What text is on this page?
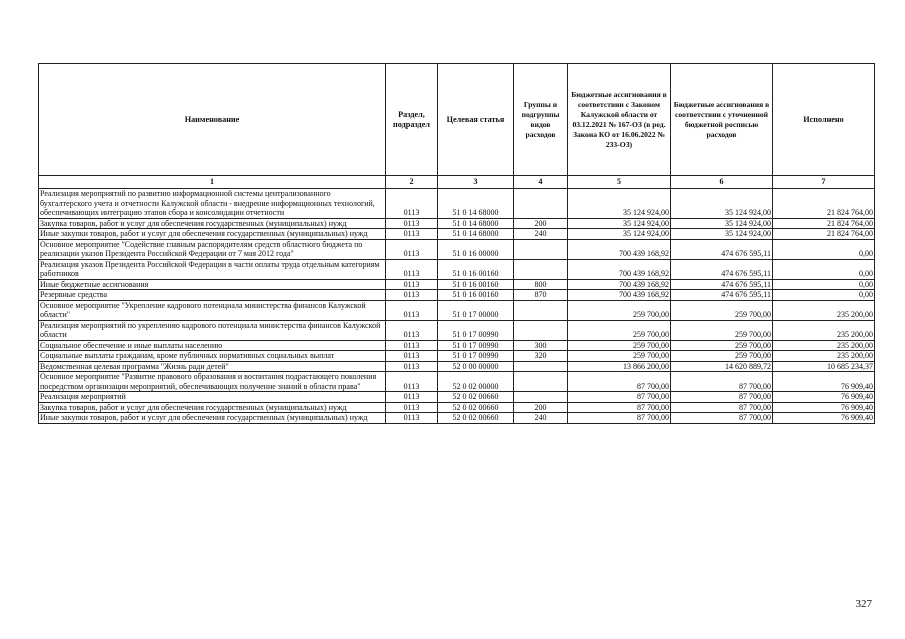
Наименование	Раздел, подраздел	Целевая статья	Группы и подгруппы видов расходов	Бюджетные ассигнования в соответствии с Законом Калужской области от 03.12.2021 № 167-ОЗ (в ред. Закона КО от 16.06.2022 № 233-ОЗ)	Бюджетные ассигнования в соответствии с уточненной бюджетной росписью расходов	Исполнено
1	2	3	4	5	6	7
Реализация мероприятий по развитию информационной системы централизованного бухгалтерского учета и отчетности Калужской области - внедрение информационных технологий, обеспечивающих интеграцию этапов сбора и консолидации отчетности	0113	51 0 14 68000		35 124 924,00	35 124 924,00	21 824 764,00
Закупка товаров, работ и услуг для обеспечения государственных (муниципальных) нужд	0113	51 0 14 68000	200	35 124 924,00	35 124 924,00	21 824 764,00
Иные закупки товаров, работ и услуг для обеспечения государственных (муниципальных) нужд	0113	51 0 14 68000	240	35 124 924,00	35 124 924,00	21 824 764,00
Основное мероприятие "Содействие главным распорядителям средств областного бюджета по реализации указов Президента Российской Федерации от 7 мая 2012 года"	0113	51 0 16 00000		700 439 168,92	474 676 595,11	0,00
Реализация указов Президента Российской Федерации в части оплаты труда отдельным категориям работников	0113	51 0 16 00160		700 439 168,92	474 676 595,11	0,00
Иные бюджетные ассигнования	0113	51 0 16 00160	800	700 439 168,92	474 676 595,11	0,00
Резервные средства	0113	51 0 16 00160	870	700 439 168,92	474 676 595,11	0,00
Основное мероприятие "Укрепление кадрового потенциала министерства финансов Калужской области"	0113	51 0 17 00000		259 700,00	259 700,00	235 200,00
Реализация мероприятий по укреплению кадрового потенциала министерства финансов Калужской области	0113	51 0 17 00990		259 700,00	259 700,00	235 200,00
Социальное обеспечение и иные выплаты населению	0113	51 0 17 00990	300	259 700,00	259 700,00	235 200,00
Социальные выплаты гражданам, кроме публичных нормативных социальных выплат	0113	51 0 17 00990	320	259 700,00	259 700,00	235 200,00
Ведомственная целевая программа "Жизнь ради детей"	0113	52 0 00 00000		13 866 200,00	14 620 889,72	10 685 234,37
Основное мероприятие "Развитие правового образования и воспитания подрастающего поколения посредством организации мероприятий, обеспечивающих получение знаний в области права"	0113	52 0 02 00000		87 700,00	87 700,00	76 909,40
Реализация мероприятий	0113	52 0 02 00660		87 700,00	87 700,00	76 909,40
Закупка товаров, работ и услуг для обеспечения государственных (муниципальных) нужд	0113	52 0 02 00660	200	87 700,00	87 700,00	76 909,40
Иные закупки товаров, работ и услуг для обеспечения государственных (муниципальных) нужд	0113	52 0 02 00660	240	87 700,00	87 700,00	76 909,40
327
